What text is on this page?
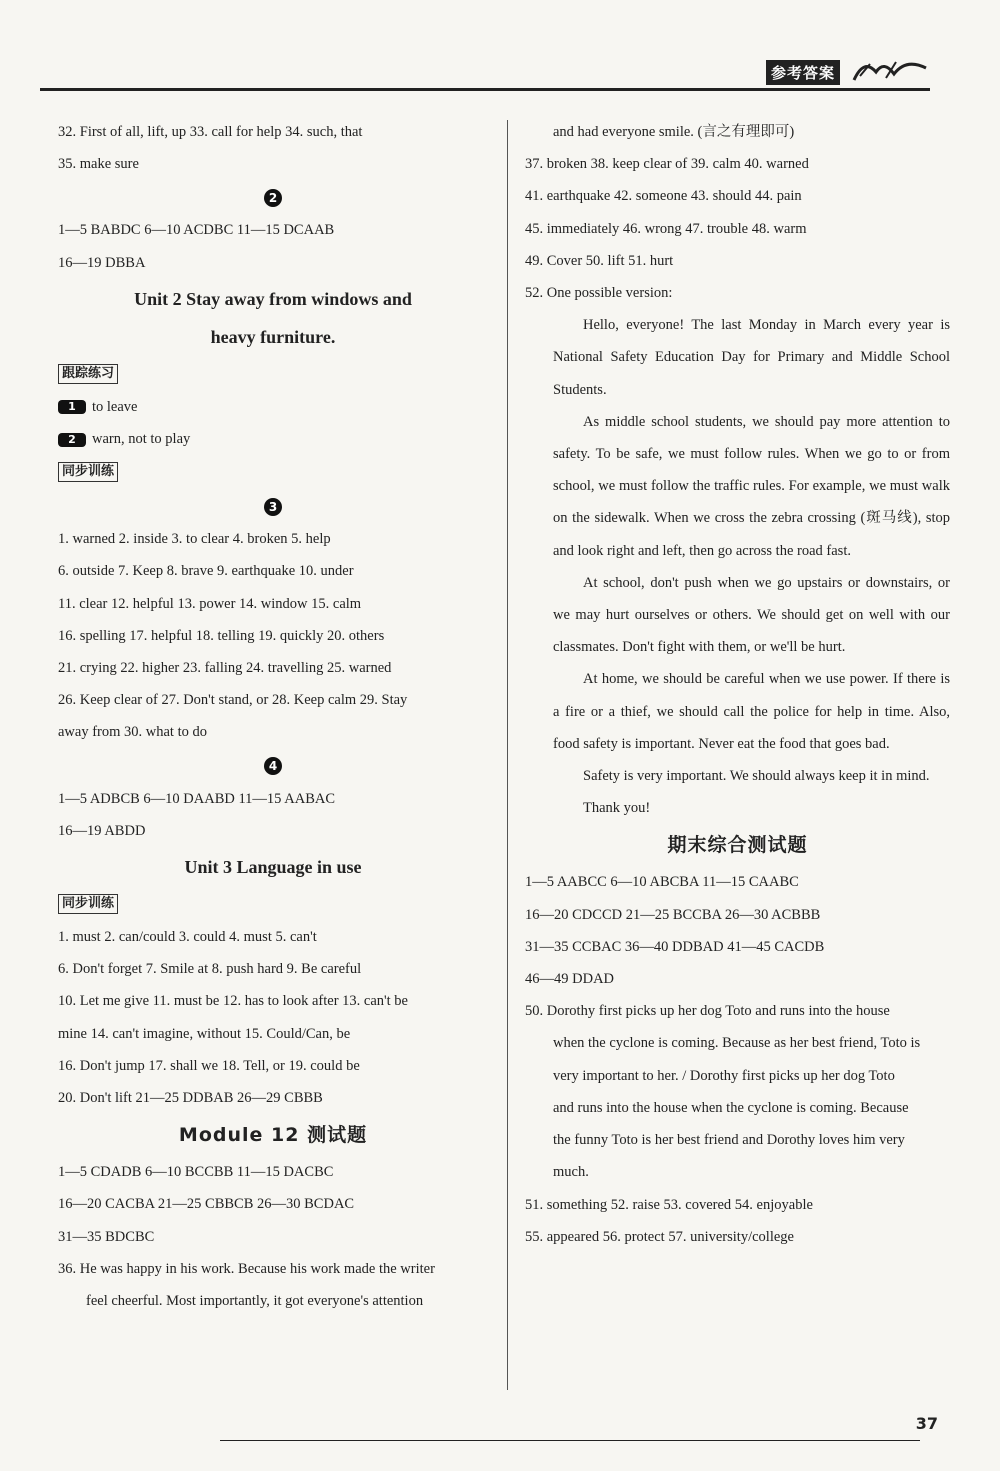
参考答案

32. First of all, lift, up 33. call for help 34. such, that

35. make sure

2

1—5 BABDC 6—10 ACDBC 11—15 DCAAB

16—19 DBBA

Unit 2 Stay away from windows and
heavy furniture.
跟踪练习

1 to leave

2 warn, not to play

同步训练
3

1. warned 2. inside 3. to clear 4. broken 5. help

6. outside 7. Keep 8. brave 9. earthquake 10. under

11. clear 12. helpful 13. power 14. window 15. calm

16. spelling 17. helpful 18. telling 19. quickly 20. others

21. crying 22. higher 23. falling 24. travelling 25. warned

26. Keep clear of 27. Don't stand, or 28. Keep calm 29. Stay

away from 30. what to do

4

1—5 ADBCB 6—10 DAABD 11—15 AABAC

16—19 ABDD

Unit 3 Language in use
同步训练

1. must 2. can/could 3. could 4. must 5. can't

6. Don't forget 7. Smile at 8. push hard 9. Be careful

10. Let me give 11. must be 12. has to look after 13. can't be

mine 14. can't imagine, without 15. Could/Can, be

16. Don't jump 17. shall we 18. Tell, or 19. could be

20. Don't lift 21—25 DDBAB 26—29 CBBB

Module 12 测试题

1—5 CDADB 6—10 BCCBB 11—15 DACBC

16—20 CACBA 21—25 CBBCB 26—30 BCDAC

31—35 BDCBC

36. He was happy in his work. Because his work made the writer

feel cheerful. Most importantly, it got everyone's attention

and had everyone smile. (言之有理即可)

37. broken 38. keep clear of 39. calm 40. warned

41. earthquake 42. someone 43. should 44. pain

45. immediately 46. wrong 47. trouble 48. warm

49. Cover 50. lift 51. hurt

52. One possible version:

Hello, everyone! The last Monday in March every year is National Safety Education Day for Primary and Middle School Students.

As middle school students, we should pay more attention to safety. To be safe, we must follow rules. When we go to or from school, we must follow the traffic rules. For example, we must walk on the sidewalk. When we cross the zebra crossing (斑马线), stop and look right and left, then go across the road fast.

At school, don't push when we go upstairs or downstairs, or we may hurt ourselves or others. We should get on well with our classmates. Don't fight with them, or we'll be hurt.

At home, we should be careful when we use power. If there is a fire or a thief, we should call the police for help in time. Also, food safety is important. Never eat the food that goes bad.

Safety is very important. We should always keep it in mind.

Thank you!

期末综合测试题

1—5 AABCC 6—10 ABCBA 11—15 CAABC

16—20 CDCCD 21—25 BCCBA 26—30 ACBBB

31—35 CCBAC 36—40 DDBAD 41—45 CACDB

46—49 DDAD

50. Dorothy first picks up her dog Toto and runs into the house

when the cyclone is coming. Because as her best friend, Toto is

very important to her. / Dorothy first picks up her dog Toto

and runs into the house when the cyclone is coming. Because

the funny Toto is her best friend and Dorothy loves him very

much.

51. something 52. raise 53. covered 54. enjoyable

55. appeared 56. protect 57. university/college

37
